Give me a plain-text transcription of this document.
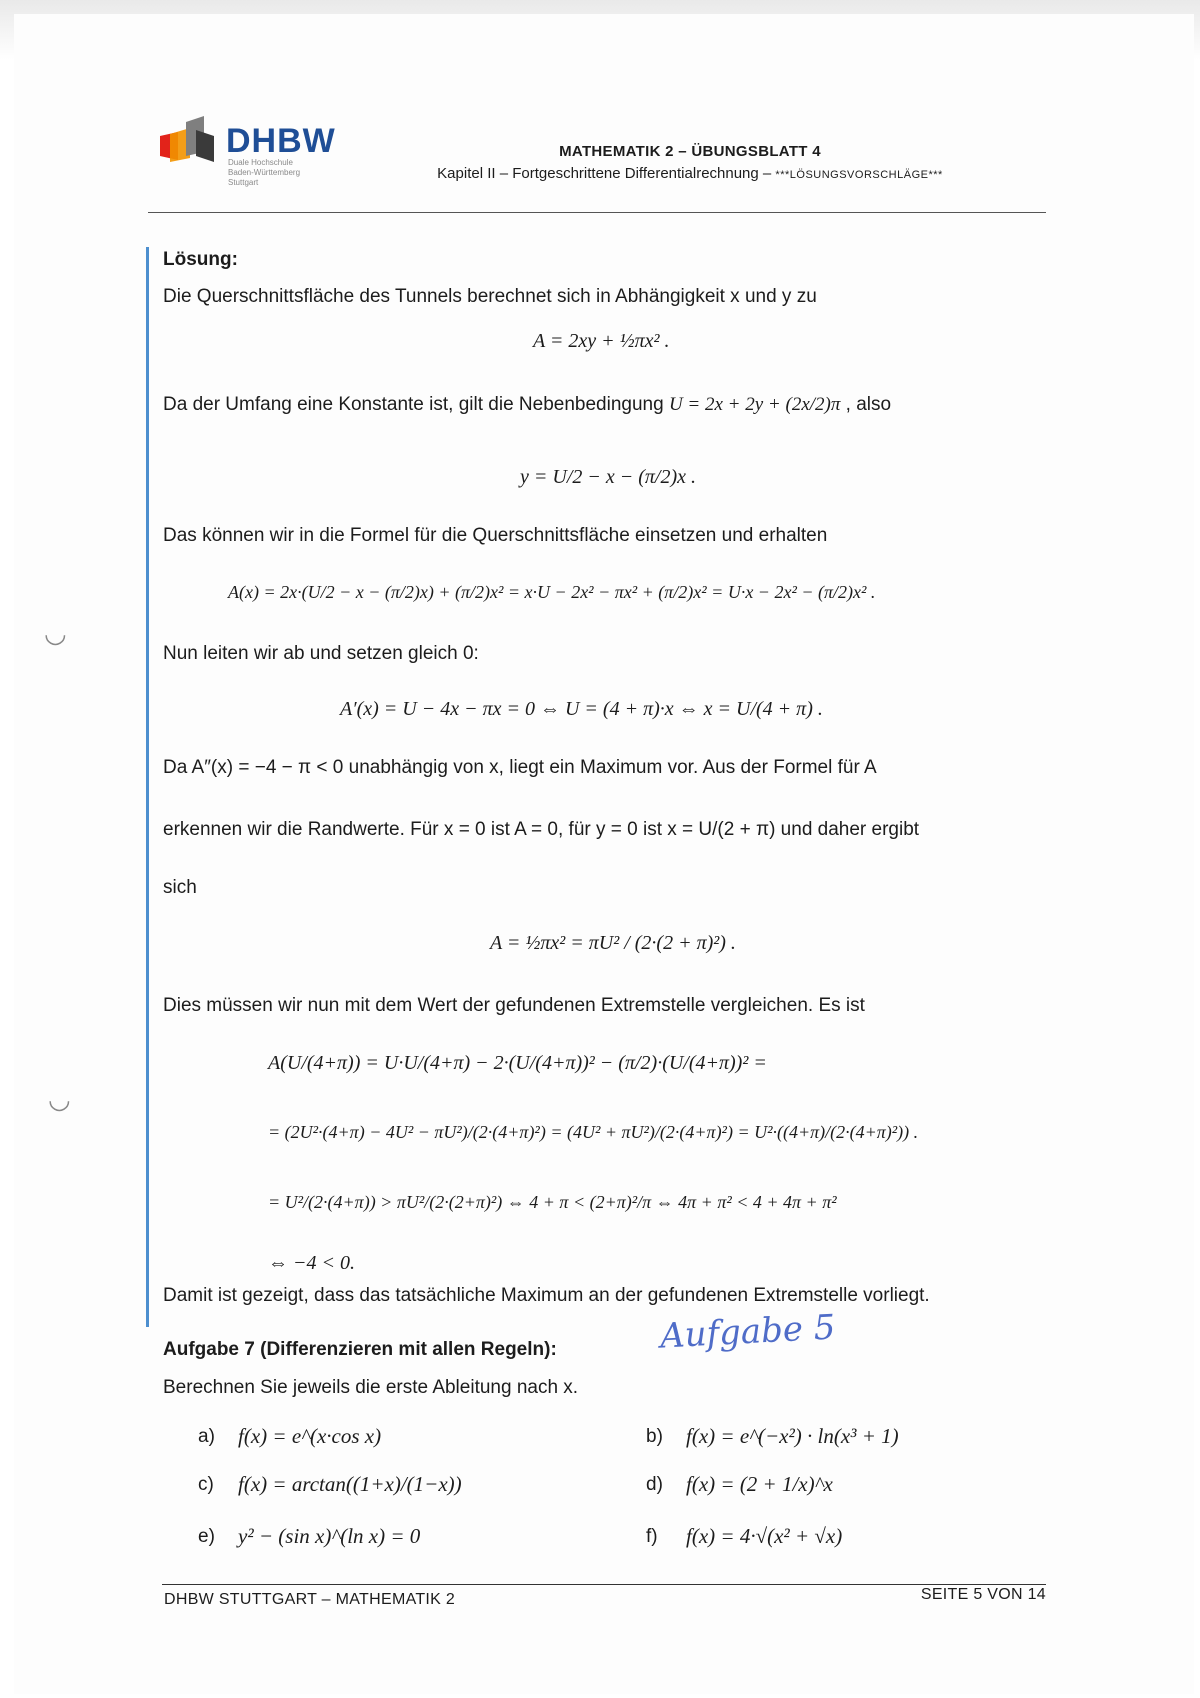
DHBW
Duale Hochschule
Baden-Württemberg
Stuttgart
MATHEMATIK 2 – ÜBUNGSBLATT 4
Kapitel II – Fortgeschrittene Differentialrechnung – ***LÖSUNGSVORSCHLÄGE***
Lösung:
Die Querschnittsfläche des Tunnels berechnet sich in Abhängigkeit x und y zu
A = 2xy + ½πx² .
Da der Umfang eine Konstante ist, gilt die Nebenbedingung U = 2x + 2y + (2x/2)π , also
y = U/2 − x − (π/2)x .
Das können wir in die Formel für die Querschnittsfläche einsetzen und erhalten
A(x) = 2x·(U/2 − x − (π/2)x) + (π/2)x² = x·U − 2x² − πx² + (π/2)x² = U·x − 2x² − (π/2)x² .
Nun leiten wir ab und setzen gleich 0:
A′(x) = U − 4x − πx = 0 ⇔ U = (4 + π)·x ⇔ x = U/(4 + π) .
Da A″(x) = −4 − π < 0 unabhängig von x, liegt ein Maximum vor. Aus der Formel für A
erkennen wir die Randwerte. Für x = 0 ist A = 0, für y = 0 ist x = U/(2 + π) und daher ergibt
sich
A = ½πx² = πU² / (2·(2 + π)²) .
Dies müssen wir nun mit dem Wert der gefundenen Extremstelle vergleichen. Es ist
A(U/(4+π)) = U·U/(4+π) − 2·(U/(4+π))² − (π/2)·(U/(4+π))² =
= (2U²·(4+π) − 4U² − πU²)/(2·(4+π)²) = (4U² + πU²)/(2·(4+π)²) = U²·((4+π)/(2·(4+π)²)) .
= U²/(2·(4+π)) > πU²/(2·(2+π)²) ⇔ 4 + π < (2+π)²/π ⇔ 4π + π² < 4 + 4π + π²
⇔ −4 < 0.
Damit ist gezeigt, dass das tatsächliche Maximum an der gefundenen Extremstelle vorliegt.
◡
◡
Aufgabe 7 (Differenzieren mit allen Regeln):	Aufgabe 5
Berechnen Sie jeweils die erste Ableitung nach x.
a) f(x) = e^(x·cos x)	b) f(x) = e^(−x²) · ln(x³ + 1)
c) f(x) = arctan((1+x)/(1−x))	d) f(x) = (2 + 1/x)^x
e) y² − (sin x)^(ln x) = 0	f) f(x) = 4·√(x² + √x)
DHBW STUTTGART – MATHEMATIK 2	SEITE 5 VON 14
